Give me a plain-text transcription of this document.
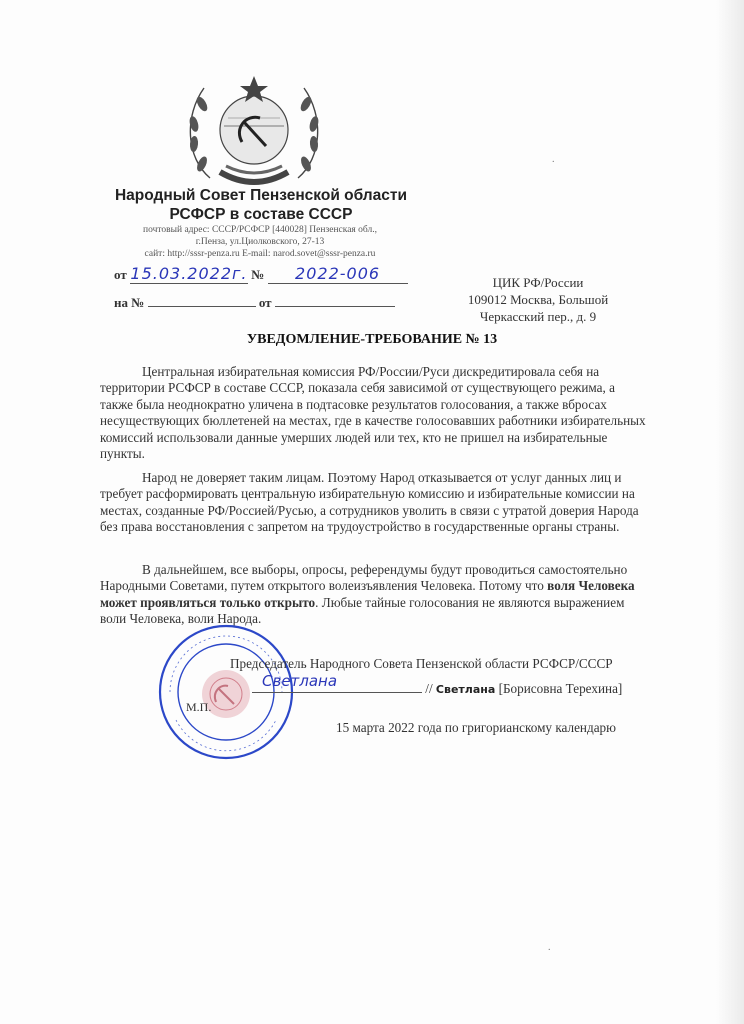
Народный Совет Пензенской области
РСФСР в составе СССР
почтовый адрес: СССР/РСФСР [440028] Пензенская обл.,
г.Пенза, ул.Циолковского, 27-13
сайт: http://sssr-penza.ru E-mail: narod.sovet@sssr-penza.ru
от 15.03.2022г. № 2022-006
на №	от
ЦИК РФ/России
109012 Москва, Большой
Черкасский пер., д. 9
УВЕДОМЛЕНИЕ-ТРЕБОВАНИЕ № 13

Центральная избирательная комиссия РФ/России/Руси дискредитировала себя на территории РСФСР в составе СССР, показала себя зависимой от существующего режима, а также была неоднократно уличена в подтасовке результатов голосования, а также вбросах несуществующих бюллетеней на местах, где в качестве голосовавших работники избирательных комиссий использовали данные умерших людей или тех, кто не пришел на избирательные пункты.

Народ не доверяет таким лицам. Поэтому Народ отказывается от услуг данных лиц и требует расформировать центральную избирательную комиссию и избирательные комиссии на местах, созданные РФ/Россией/Русью, а сотрудников уволить в связи с утратой доверия Народа без права восстановления с запретом на трудоустройство в государственные органы страны.

В дальнейшем, все выборы, опросы, референдумы будут проводиться самостоятельно Народными Советами, путем открытого волеизъявления Человека. Потому что воля Человека может проявляться только открыто. Любые тайные голосования не являются выражением воли Человека, воли Народа.

Председатель Народного Совета Пензенской области РСФСР/СССР
Светлана	// Светлана [Борисовна Терехина]
М.П.
15 марта 2022 года по григорианскому календарю
.
.
